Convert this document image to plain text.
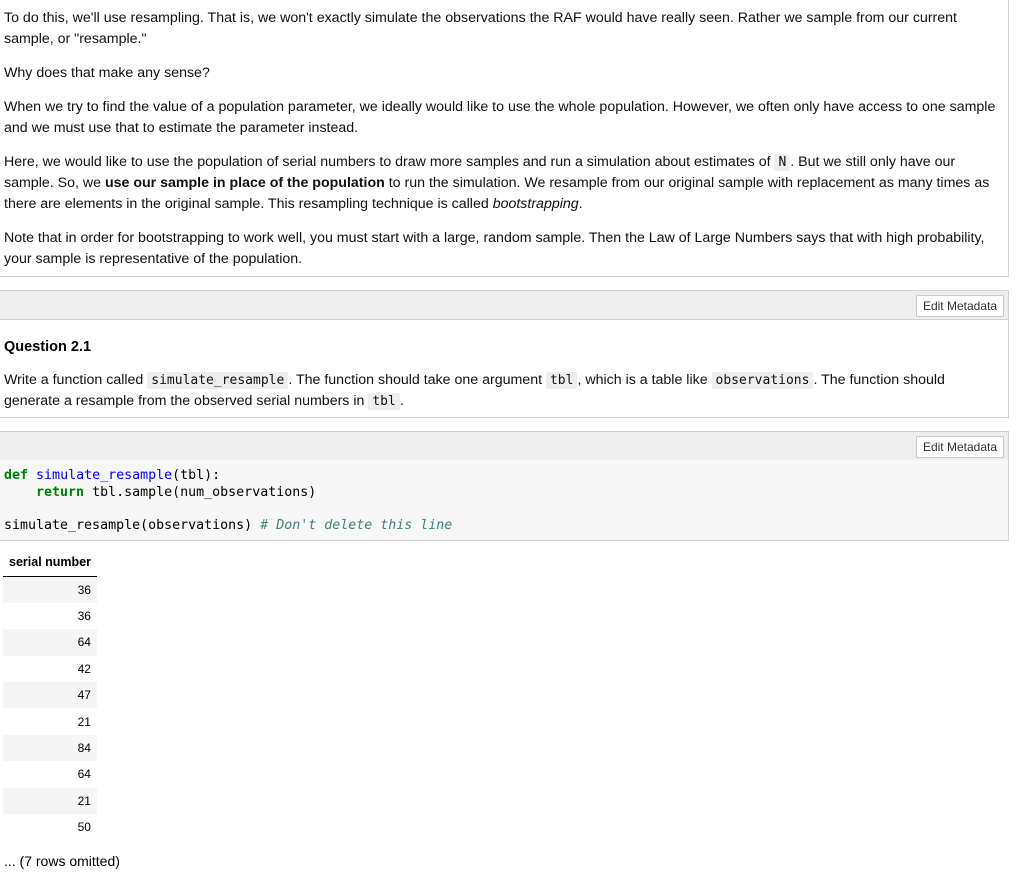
To do this, we'll use resampling. That is, we won't exactly simulate the observations the RAF would have really seen. Rather we sample from our current sample, or "resample."

Why does that make any sense?

When we try to find the value of a population parameter, we ideally would like to use the whole population. However, we often only have access to one sample and we must use that to estimate the parameter instead.

Here, we would like to use the population of serial numbers to draw more samples and run a simulation about estimates of N . But we still only have our sample. So, we use our sample in place of the population to run the simulation. We resample from our original sample with replacement as many times as there are elements in the original sample. This resampling technique is called bootstrapping.

Note that in order for bootstrapping to work well, you must start with a large, random sample. Then the Law of Large Numbers says that with high probability, your sample is representative of the population.

Edit Metadata

Question 2.1

Write a function called simulate_resample . The function should take one argument tbl , which is a table like observations . The function should generate a resample from the observed serial numbers in tbl .

Edit Metadata
def simulate_resample(tbl):
return tbl.sample(num_observations)
simulate_resample(observations) # Don't delete this line
serial number
36
36
64
42
47
21
84
64
21
50

... (7 rows omitted)
